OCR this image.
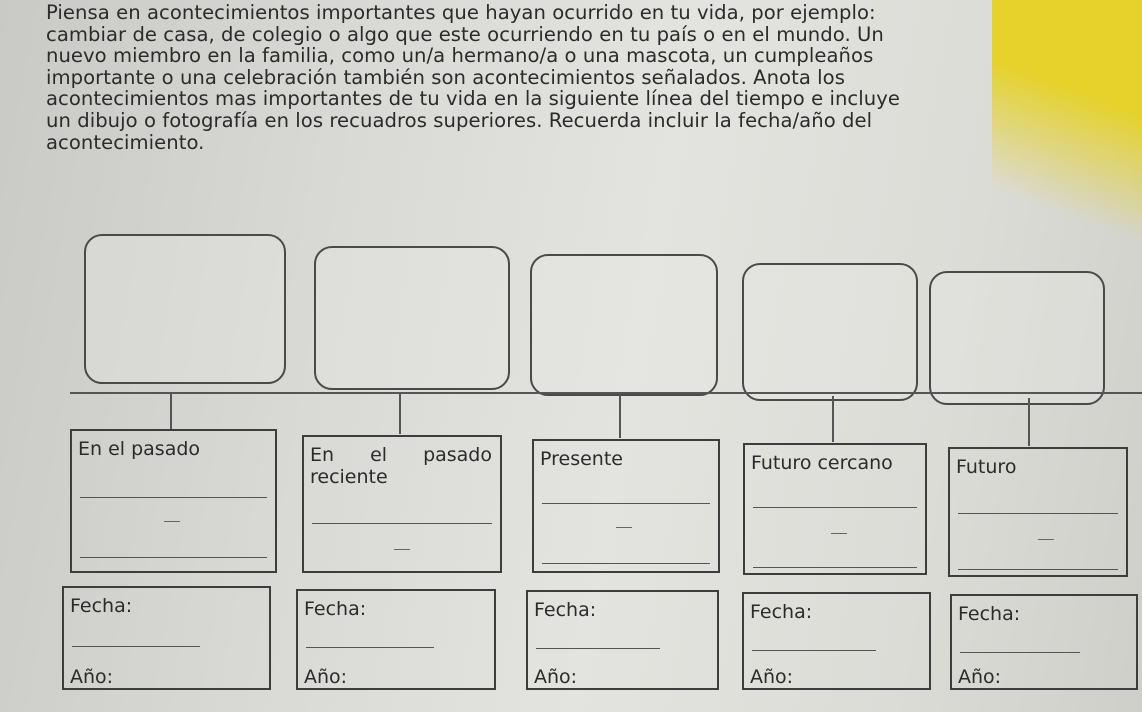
Piensa en acontecimientos importantes que hayan ocurrido en tu vida, por ejemplo:
cambiar de casa, de colegio o algo que este ocurriendo en tu país o en el mundo. Un
nuevo miembro en la familia, como un/a hermano/a o una mascota, un cumpleaños
importante o una celebración también son acontecimientos señalados. Anota los
acontecimientos mas importantes de tu vida en la siguiente línea del tiempo e incluye
un dibujo o fotografía en los recuadros superiores. Recuerda incluir la fecha/año del
acontecimiento.
En el pasado	En el pasado
reciente
Presente	Futuro cercano	Futuro
Fecha:
Año:
Fecha:
Año:
Fecha:
Año:
Fecha:
Año:
Fecha:
Año:
